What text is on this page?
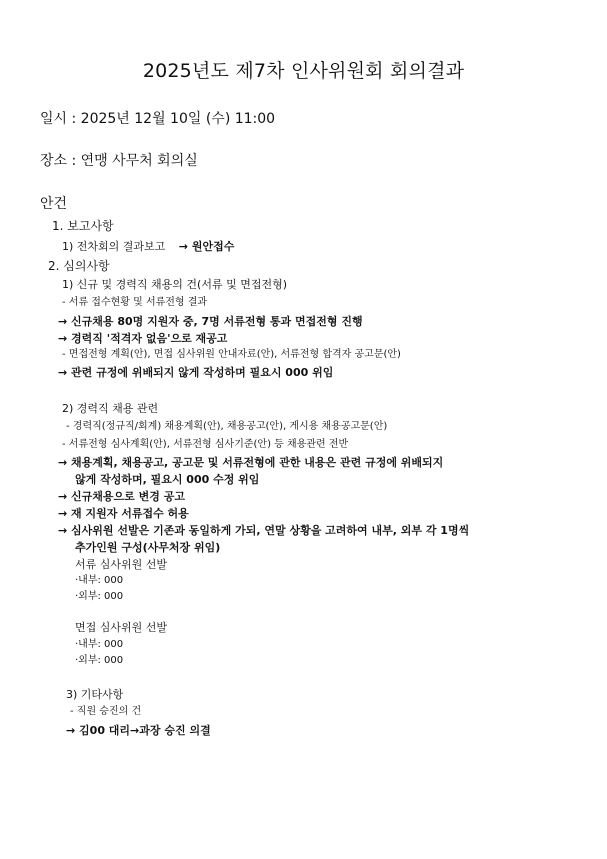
2025년도 제7차 인사위원회 회의결과
일시 : 2025년 12월 10일 (수) 11:00
장소 : 연맹 사무처 회의실
안건
1. 보고사항
1) 전차회의 결과보고 → 원안접수
2. 심의사항
1) 신규 및 경력직 채용의 건(서류 및 면접전형)
- 서류 접수현황 및 서류전형 결과
→ 신규채용 80명 지원자 중, 7명 서류전형 통과 면접전형 진행
→ 경력직 '적격자 없음'으로 재공고
- 면접전형 계획(안), 면접 심사위원 안내자료(안), 서류전형 합격자 공고문(안)
→ 관련 규정에 위배되지 않게 작성하며 필요시 000 위임
2) 경력직 채용 관련
- 경력직(정규직/회계) 채용계획(안), 채용공고(안), 게시용 채용공고문(안)
- 서류전형 심사계획(안), 서류전형 심사기준(안) 등 채용관련 전반
→ 채용계획, 채용공고, 공고문 및 서류전형에 관한 내용은 관련 규정에 위배되지
않게 작성하며, 필요시 000 수정 위임
→ 신규채용으로 변경 공고
→ 재 지원자 서류접수 허용
→ 심사위원 선발은 기존과 동일하게 가되, 연말 상황을 고려하여 내부, 외부 각 1명씩
추가인원 구성(사무처장 위임)
서류 심사위원 선발
·내부: 000
·외부: 000
면접 심사위원 선발
·내부: 000
·외부: 000
3) 기타사항
- 직원 승진의 건
→ 김00 대리→과장 승진 의결
